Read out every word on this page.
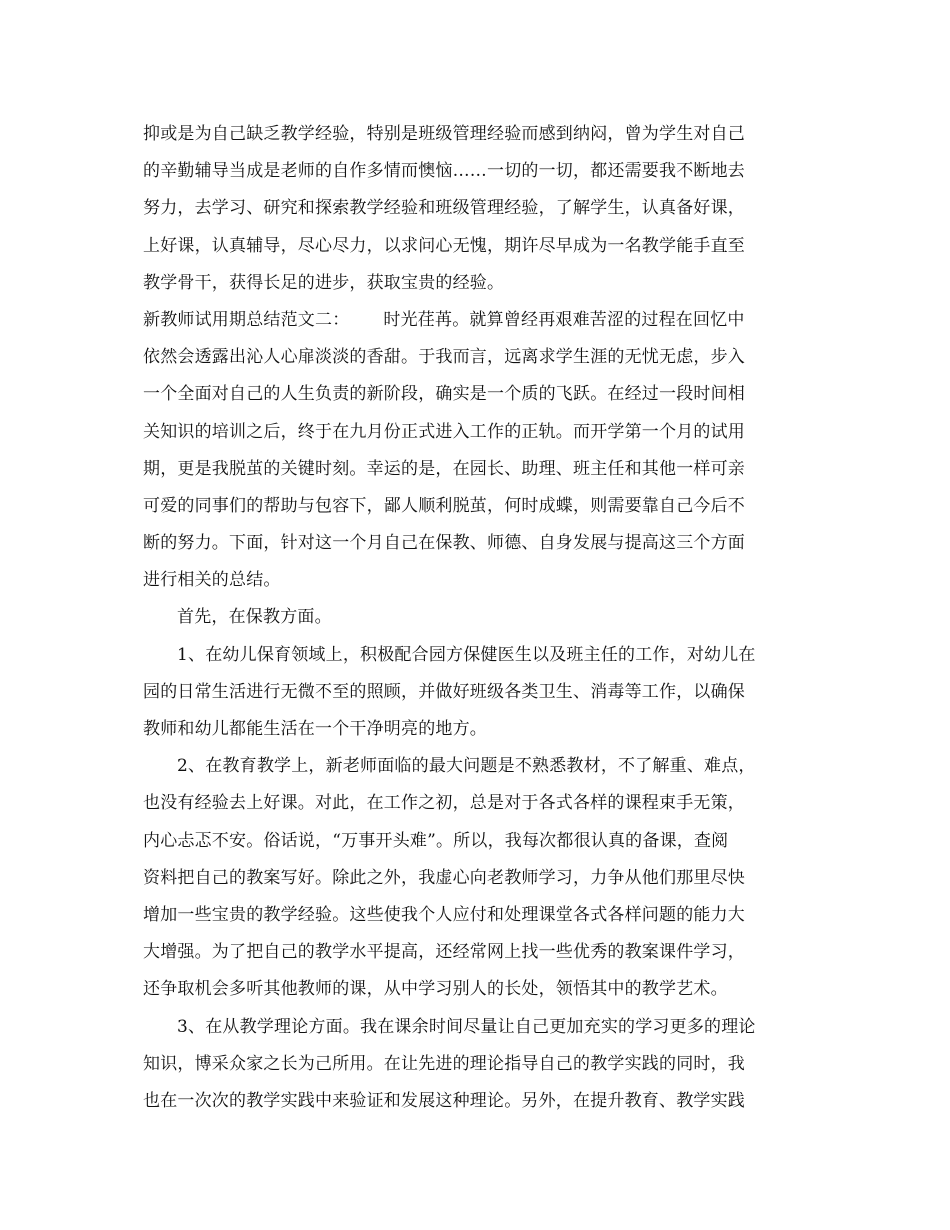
抑或是为自己缺乏教学经验，特别是班级管理经验而感到纳闷，曾为学生对自己
的辛勤辅导当成是老师的自作多情而懊恼……一切的一切，都还需要我不断地去
努力，去学习、研究和探索教学经验和班级管理经验，了解学生，认真备好课，
上好课，认真辅导，尽心尽力，以求问心无愧，期许尽早成为一名教学能手直至
教学骨干，获得长足的进步，获取宝贵的经验。
新教师试用期总结范文二： 时光荏苒。就算曾经再艰难苦涩的过程在回忆中
依然会透露出沁人心扉淡淡的香甜。于我而言，远离求学生涯的无忧无虑，步入
一个全面对自己的人生负责的新阶段，确实是一个质的飞跃。在经过一段时间相
关知识的培训之后，终于在九月份正式进入工作的正轨。而开学第一个月的试用
期，更是我脱茧的关键时刻。幸运的是，在园长、助理、班主任和其他一样可亲
可爱的同事们的帮助与包容下，鄙人顺利脱茧，何时成蝶，则需要靠自己今后不
断的努力。下面，针对这一个月自己在保教、师德、自身发展与提高这三个方面
进行相关的总结。
首先，在保教方面。
1、在幼儿保育领域上，积极配合园方保健医生以及班主任的工作，对幼儿在
园的日常生活进行无微不至的照顾，并做好班级各类卫生、消毒等工作，以确保
教师和幼儿都能生活在一个干净明亮的地方。
2、在教育教学上，新老师面临的最大问题是不熟悉教材，不了解重、难点，
也没有经验去上好课。对此，在工作之初，总是对于各式各样的课程束手无策，
内心忐忑不安。俗话说，“万事开头难”。所以，我每次都很认真的备课，查阅
资料把自己的教案写好。除此之外，我虚心向老教师学习，力争从他们那里尽快
增加一些宝贵的教学经验。这些使我个人应付和处理课堂各式各样问题的能力大
大增强。为了把自己的教学水平提高，还经常网上找一些优秀的教案课件学习，
还争取机会多听其他教师的课，从中学习别人的长处，领悟其中的教学艺术。
3、在从教学理论方面。我在课余时间尽量让自己更加充实的学习更多的理论
知识，博采众家之长为己所用。在让先进的理论指导自己的教学实践的同时，我
也在一次次的教学实践中来验证和发展这种理论。另外，在提升教育、教学实践
